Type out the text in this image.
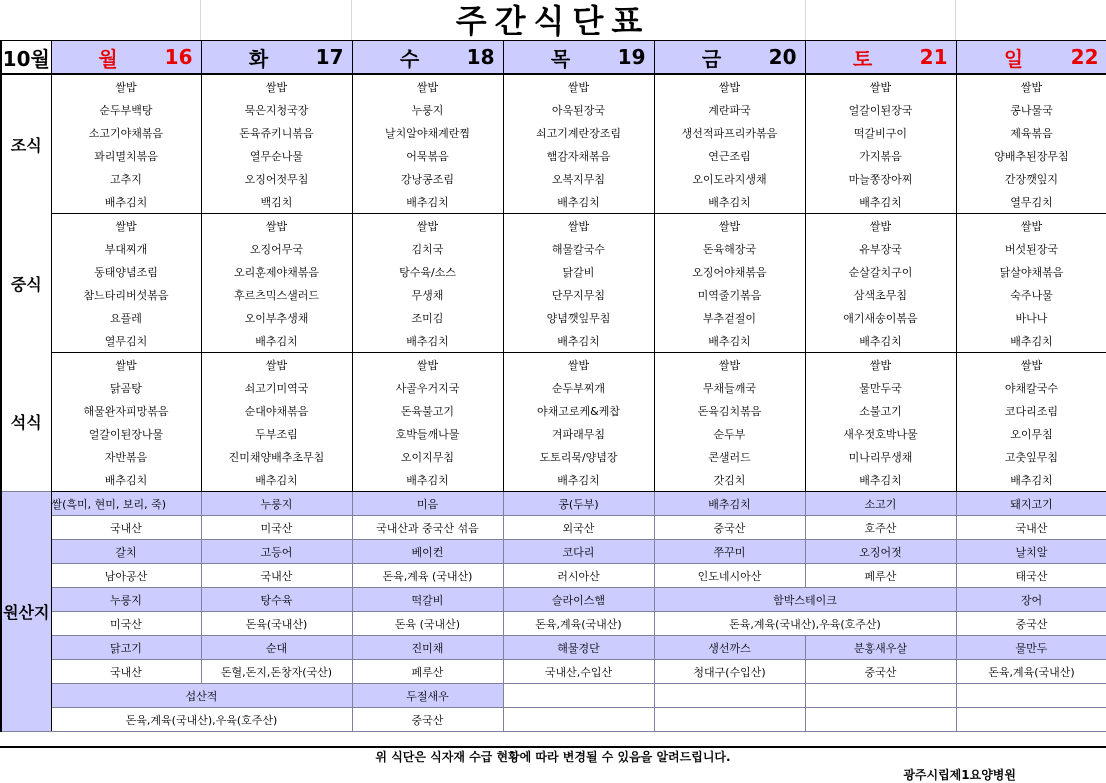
주간식단표
10월	월 16	화 17	수 18	목 19	금 20	토 21	일 22

조식	쌀밥	쌀밥	쌀밥	쌀밥	쌀밥	쌀밥	쌀밥
	순두부백탕	묵은지청국장	누룽지	아욱된장국	계란파국	얼갈이된장국	콩나물국
	소고기야채볶음	돈육쥬키니볶음	날치알야채계란찜	쇠고기계란장조림	생선적파프리카볶음	떡갈비구이	제육볶음
	꽈리멸치볶음	열무순나물	어묵볶음	햄감자채볶음	연근조림	가지볶음	양배추된장무침
	고추지	오징어젓무침	강낭콩조림	오복지무침	오이도라지생채	마늘쫑장아찌	간장깻잎지
	배추김치	백김치	배추김치	배추김치	배추김치	배추김치	열무김치
중식	쌀밥	쌀밥	쌀밥	쌀밥	쌀밥	쌀밥	쌀밥
	부대찌개	오징어무국	김치국	해물칼국수	돈육해장국	유부장국	버섯된장국
	동태양념조림	오리훈제야채볶음	탕수육/소스	닭갈비	오징어야채볶음	순살갈치구이	닭살야채볶음
	참느타리버섯볶음	후르츠믹스샐러드	무생채	단무지무침	미역줄기볶음	삼색초무침	숙주나물
	요플레	오이부추생채	조미김	양념깻잎무침	부추겉절이	애기새송이볶음	바나나
	열무김치	배추김치	배추김치	배추김치	배추김치	배추김치	배추김치
석식	쌀밥	쌀밥	쌀밥	쌀밥	쌀밥	쌀밥	쌀밥
	닭곰탕	쇠고기미역국	사골우거지국	순두부찌개	무채들깨국	물만두국	야채칼국수
	해물완자피망볶음	순대야채볶음	돈육불고기	야채고로케&케찹	돈육김치볶음	소불고기	코다리조림
	얼갈이된장나물	두부조림	호박들깨나물	겨파래무침	순두부	새우젓호박나물	오이무침
	자반볶음	진미채양배추초무침	오이지무침	도토리묵/양념장	콘샐러드	미나리무생채	고춧잎무침
	배추김치	배추김치	배추김치	배추김치	갓김치	배추김치	배추김치
원산지	쌀(흑미, 현미, 보리, 죽)	누룽지	미음	콩(두부)	배추김치	소고기	돼지고기
	국내산	미국산	국내산과 중국산 섞음	외국산	중국산	호주산	국내산
	갈치	고등어	베이컨	코다리	쭈꾸미	오징어젓	날치알
	남아공산	국내산	돈육,계육 (국내산)	러시아산	인도네시아산	페루산	태국산
	누룽지	탕수육	떡갈비	슬라이스햄	함박스테이크		장어
	미국산	돈육(국내산)	돈육 (국내산)	돈육,계육(국내산)	돈육,계육(국내산),우육(호주산)		중국산
	닭고기	순대	진미채	해물경단	생선까스	분홍새우살	물만두
	국내산	돈혈,돈지,돈창자(국산)	페루산	국내산,수입산	청대구(수입산)	중국산	돈육,계육(국내산)
	섭산적		두절새우				
	돈육,계육(국내산),우육(호주산)		중국산				
위 식단은 식자재 수급 현황에 따라 변경될 수 있음을 알려드립니다.
광주시립제1요양병원
